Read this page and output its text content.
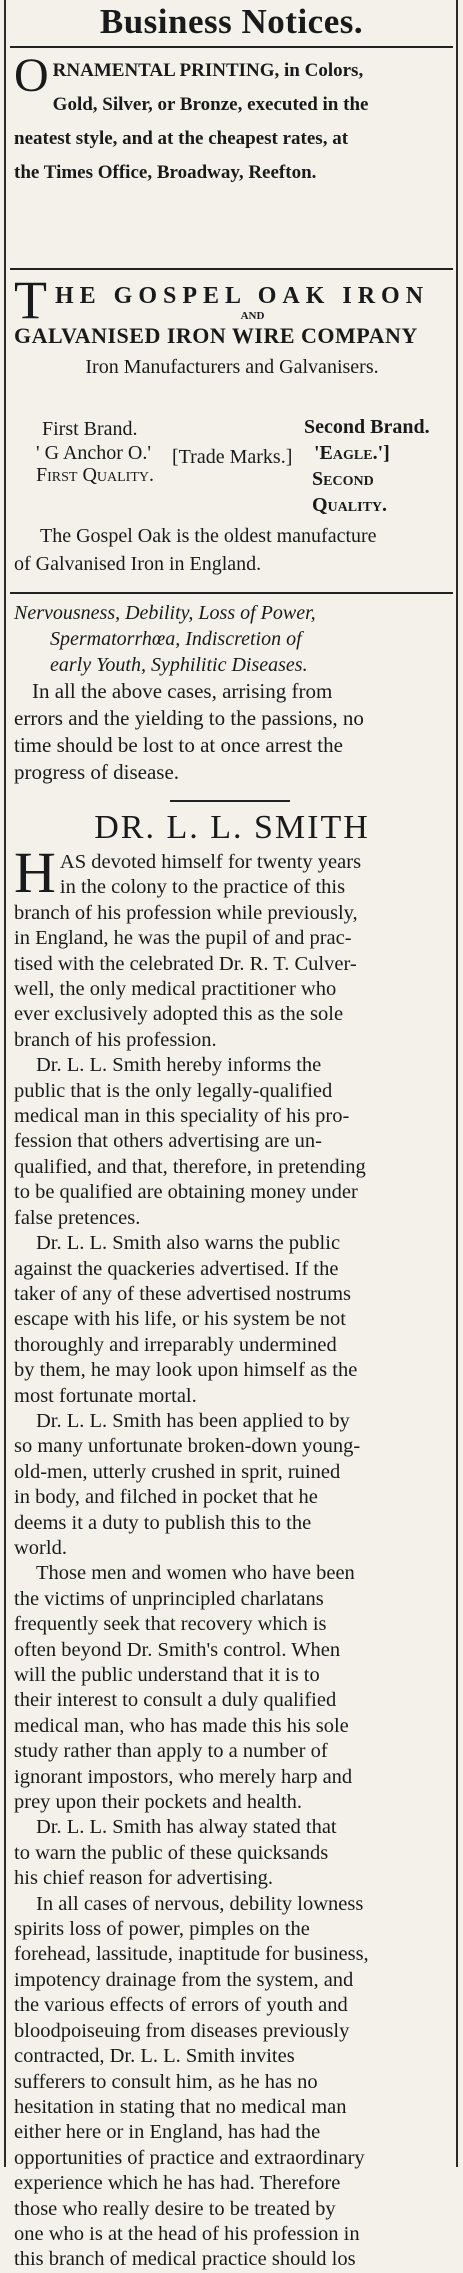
Business Notices.
O RNAMENTAL PRINTING, in Colors,
Gold, Silver, or Bronze, executed in the
neatest style, and at the cheapest rates, at
the Times Office, Broadway, Reefton.
T HE GOSPEL OAK IRON
AND
GALVANISED IRON WIRE COMPANY
Iron Manufacturers and Galvanisers.
First Brand.
' G Anchor O.'
First Quality.
[Trade Marks.]
Second Brand.
'Eagle.']
Second Quality.

The Gospel Oak is the oldest manufacture
of Galvanised Iron in England.

Nervousness, Debility, Loss of Power,
Spermatorrhœa, Indiscretion of
early Youth, Syphilitic Diseases.

In all the above cases, arrising from
errors and the yielding to the passions, no
time should be lost to at once arrest the
progress of disease.

DR. L. L. SMITH
HAS devoted himself for twenty years
in the colony to the practice of this
branch of his profession while previously,
in England, he was the pupil of and prac-
tised with the celebrated Dr. R. T. Culver-
well, the only medical practitioner who
ever exclusively adopted this as the sole
branch of his profession.
Dr. L. L. Smith hereby informs the
public that is the only legally-qualified
medical man in this speciality of his pro-
fession that others advertising are un-
qualified, and that, therefore, in pretending
to be qualified are obtaining money under
false pretences.
Dr. L. L. Smith also warns the public
against the quackeries advertised. If the
taker of any of these advertised nostrums
escape with his life, or his system be not
thoroughly and irreparably undermined
by them, he may look upon himself as the
most fortunate mortal.
Dr. L. L. Smith has been applied to by
so many unfortunate broken-down young-
old-men, utterly crushed in sprit, ruined
in body, and filched in pocket that he
deems it a duty to publish this to the
world.
Those men and women who have been
the victims of unprincipled charlatans
frequently seek that recovery which is
often beyond Dr. Smith's control. When
will the public understand that it is to
their interest to consult a duly qualified
medical man, who has made this his sole
study rather than apply to a number of
ignorant impostors, who merely harp and
prey upon their pockets and health.
Dr. L. L. Smith has alway stated that
to warn the public of these quicksands
his chief reason for advertising.
In all cases of nervous, debility lowness
spirits loss of power, pimples on the
forehead, lassitude, inaptitude for business,
impotency drainage from the system, and
the various effects of errors of youth and
bloodpoiseuing from diseases previously
contracted, Dr. L. L. Smith invites
sufferers to consult him, as he has no
hesitation in stating that no medical man
either here or in England, has had the
opportunities of practice and extraordinary
experience which he has had. Therefore
those who really desire to be treated by
one who is at the head of his profession in
this branch of medical practice should los
